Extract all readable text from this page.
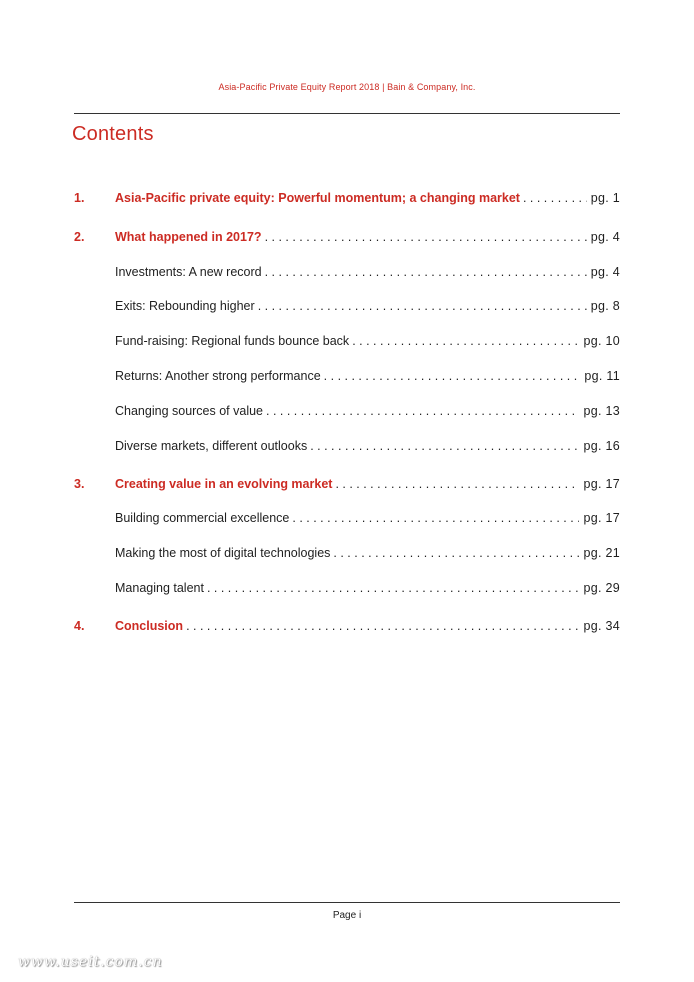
Asia-Pacific Private Equity Report 2018 | Bain & Company, Inc.
Contents
1.	Asia-Pacific private equity: Powerful momentum; a changing market . . .	pg. 1
2.	What happened in 2017? . . .	pg. 4
Investments: A new record . . .	pg. 4
Exits: Rebounding higher . . .	pg. 8
Fund-raising: Regional funds bounce back . . .	pg. 10
Returns: Another strong performance . . .	pg. 11
Changing sources of value . . .	pg. 13
Diverse markets, different outlooks . . .	pg. 16
3.	Creating value in an evolving market . . .	pg. 17
Building commercial excellence . . .	pg. 17
Making the most of digital technologies . . .	pg. 21
Managing talent . . .	pg. 29
4.	Conclusion . . .	pg. 34
Page i
www.useit.com.cn
